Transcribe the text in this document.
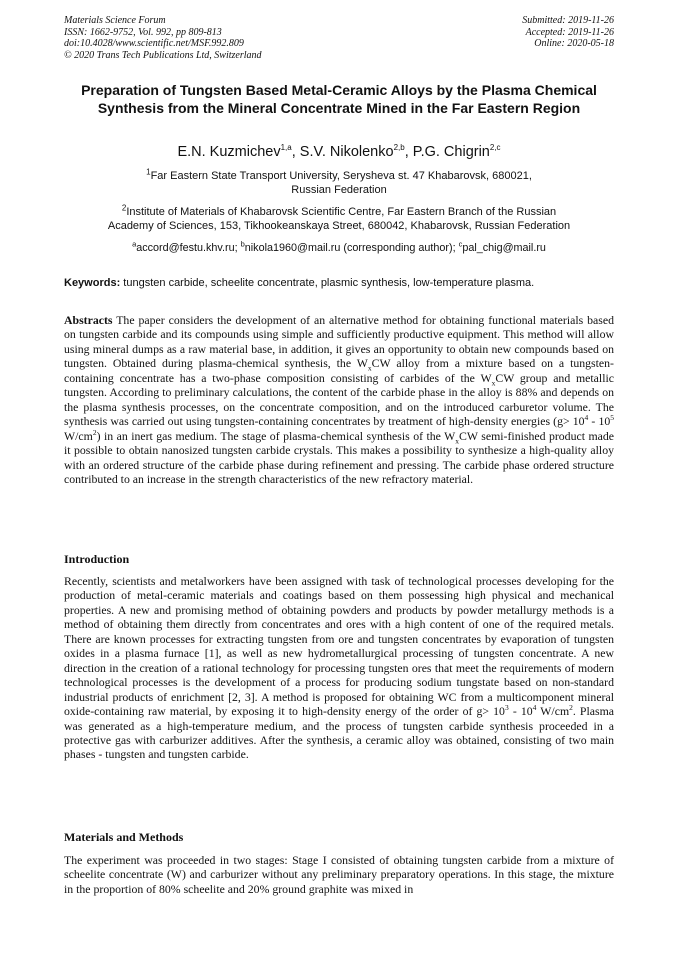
Materials Science Forum
ISSN: 1662-9752, Vol. 992, pp 809-813
doi:10.4028/www.scientific.net/MSF.992.809
© 2020 Trans Tech Publications Ltd, Switzerland
Submitted: 2019-11-26
Accepted: 2019-11-26
Online: 2020-05-18
Preparation of Tungsten Based Metal-Ceramic Alloys by the Plasma Chemical Synthesis from the Mineral Concentrate Mined in the Far Eastern Region
E.N. Kuzmichev$^{1,a}$, S.V. Nikolenko$^{2,b}$, P.G. Chigrin$^{2,c}$
$^1$Far Eastern State Transport University, Serysheva st. 47 Khabarovsk, 680021,
Russian Federation
$^2$Institute of Materials of Khabarovsk Scientific Centre, Far Eastern Branch of the Russian
Academy of Sciences, 153, Tikhookeanskaya Street, 680042, Khabarovsk, Russian Federation
$^a$accord@festu.khv.ru; $^b$nikola1960@mail.ru (corresponding author); $^c$pal_chig@mail.ru
Keywords: tungsten carbide, scheelite concentrate, plasmic synthesis, low-temperature plasma.
Abstracts The paper considers the development of an alternative method for obtaining functional materials based on tungsten carbide and its compounds using simple and sufficiently productive equipment. This method will allow using mineral dumps as a raw material base, in addition, it gives an opportunity to obtain new compounds based on tungsten. Obtained during plasma-chemical synthesis, the $W_xCW$ alloy from a mixture based on a tungsten-containing concentrate has a two-phase composition consisting of carbides of the $W_xCW$ group and metallic tungsten. According to preliminary calculations, the content of the carbide phase in the alloy is 88% and depends on the plasma synthesis processes, on the concentrate composition, and on the introduced carburetor volume. The synthesis was carried out using tungsten-containing concentrates by treatment of high-density energies ($g> 10^4 - 10^5$ $W/cm^2$) in an inert gas medium. The stage of plasma-chemical synthesis of the $W_xCW$ semi-finished product made it possible to obtain nanosized tungsten carbide crystals. This makes a possibility to synthesize a high-quality alloy with an ordered structure of the carbide phase during refinement and pressing. The carbide phase ordered structure contributed to an increase in the strength characteristics of the new refractory material.
Introduction
Recently, scientists and metalworkers have been assigned with task of technological processes developing for the production of metal-ceramic materials and coatings based on them possessing high physical and mechanical properties. A new and promising method of obtaining powders and products by powder metallurgy methods is a method of obtaining them directly from concentrates and ores with a high content of one of the required metals. There are known processes for extracting tungsten from ore and tungsten concentrates by evaporation of tungsten oxides in a plasma furnace [1], as well as new hydrometallurgical processing of tungsten concentrate. A new direction in the creation of a rational technology for processing tungsten ores that meet the requirements of modern technological processes is the development of a process for producing sodium tungstate based on non-standard industrial products of enrichment [2, 3]. A method is proposed for obtaining WC from a multicomponent mineral oxide-containing raw material, by exposing it to high-density energy of the order of $g> 10^3 - 10^4$ $W/cm^2$. Plasma was generated as a high-temperature medium, and the process of tungsten carbide synthesis proceeded in a protective gas with carburizer additives. After the synthesis, a ceramic alloy was obtained, consisting of two main phases - tungsten and tungsten carbide.
Materials and Methods
The experiment was proceeded in two stages: Stage I consisted of obtaining tungsten carbide from a mixture of scheelite concentrate (W) and carburizer without any preliminary preparatory operations. In this stage, the mixture in the proportion of 80% scheelite and 20% ground graphite was mixed in
